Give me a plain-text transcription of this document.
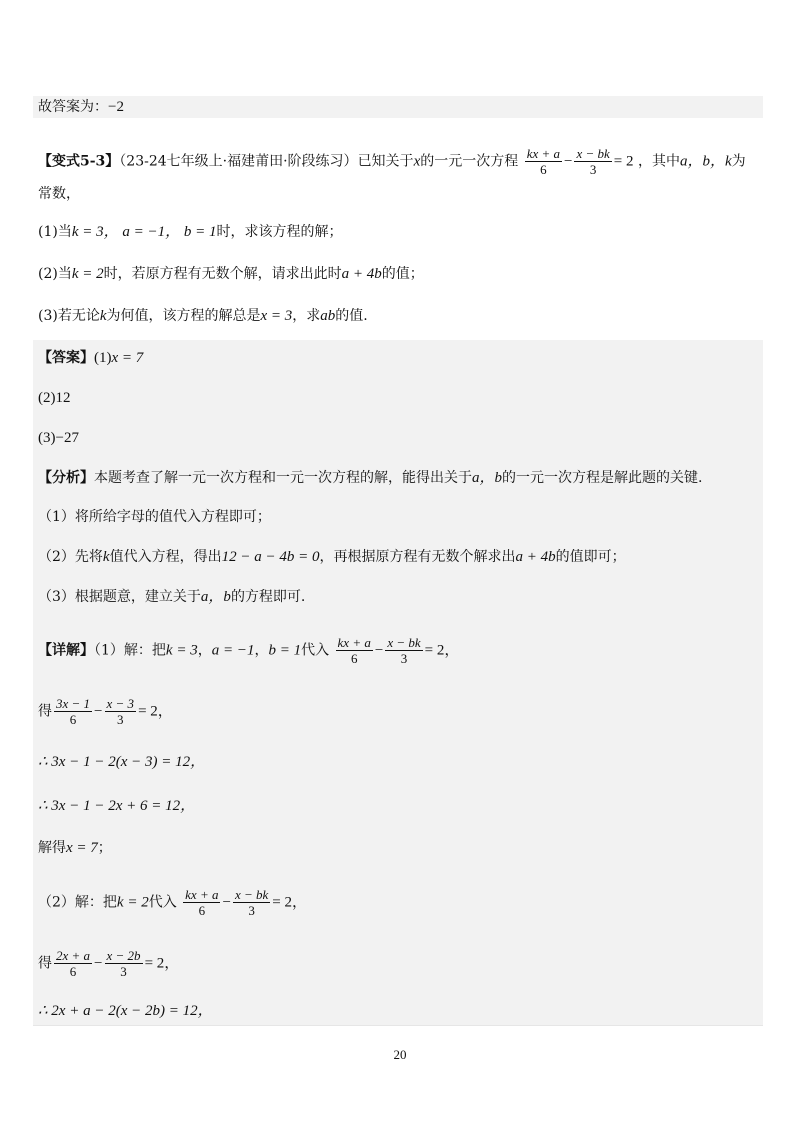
故答案为：−2
【变式5-3】（23-24七年级上·福建莆田·阶段练习）已知关于x的一元一次方程 $\frac{kx + a}{6} - \frac{x - bk}{3} = 2$ ，其中a，b，k为
常数，
(1)当k = 3， a = −1， b = 1时，求该方程的解；
(2)当k = 2时，若原方程有无数个解，请求出此时a + 4b的值；
(3)若无论k为何值，该方程的解总是x = 3，求ab的值.
【答案】(1)x = 7
(2)12
(3)−27
【分析】本题考查了解一元一次方程和一元一次方程的解，能得出关于a，b的一元一次方程是解此题的关键.
（1）将所给字母的值代入方程即可；
（2）先将k值代入方程，得出12 − a − 4b = 0，再根据原方程有无数个解求出a + 4b的值即可；
（3）根据题意，建立关于a，b的方程即可.
【详解】（1）解：把k = 3，a = −1，b = 1代入 $\frac{kx + a}{6} - \frac{x - bk}{3} = 2$，
得 $\frac{3x - 1}{6} - \frac{x - 3}{3} = 2$，
∴ 3x − 1 − 2(x − 3) = 12，
∴ 3x − 1 − 2x + 6 = 12，
解得x = 7；
（2）解：把k = 2代入 $\frac{kx + a}{6} - \frac{x - bk}{3} = 2$，
得 $\frac{2x + a}{6} - \frac{x - 2b}{3} = 2$，
∴ 2x + a − 2(x − 2b) = 12，
20
